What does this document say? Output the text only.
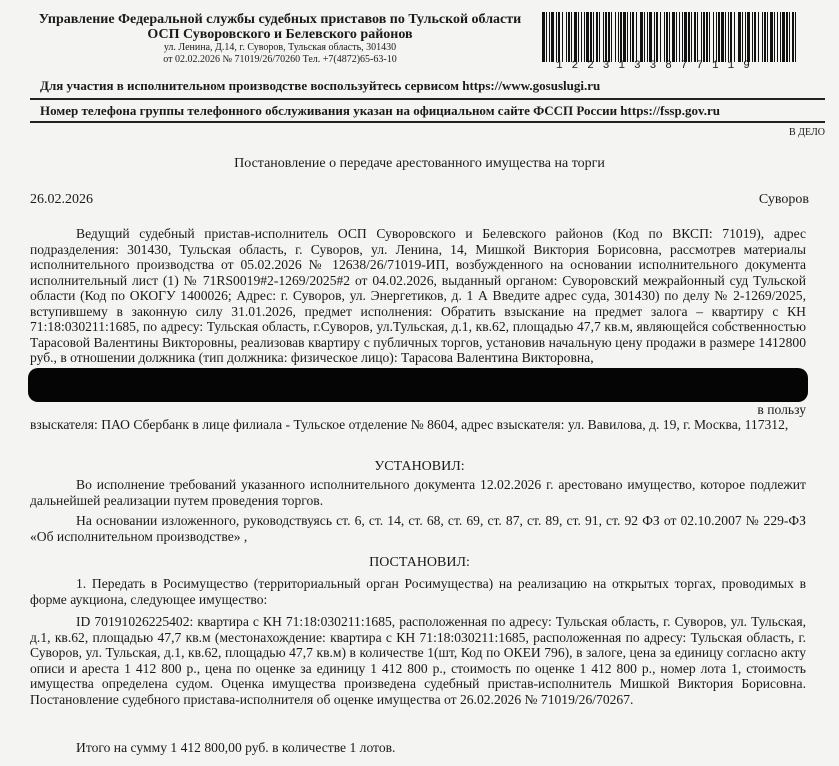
Управление Федеральной службы судебных приставов по Тульской области
ОСП Суворовского и Белевского районов
ул. Ленина, Д.14, г. Суворов, Тульская область, 301430
от 02.02.2026 № 71019/26/70260 Тел. +7(4872)65-63-10
1223133877119
Для участия в исполнительном производстве воспользуйтесь сервисом https://www.gosuslugi.ru
Номер телефона группы телефонного обслуживания указан на официальном сайте ФССП России https://fssp.gov.ru
В ДЕЛО
Постановление о передаче арестованного имущества на торги
26.02.2026	Суворов
Ведущий судебный пристав-исполнитель ОСП Суворовского и Белевского районов (Код по ВКСП: 71019), адрес подразделения: 301430, Тульская область, г. Суворов, ул. Ленина, 14, Мишкой Виктория Борисовна, рассмотрев материалы исполнительного производства от 05.02.2026 № 12638/26/71019-ИП, возбужденного на основании исполнительного документа исполнительный лист (1) № 71RS0019#2-1269/2025#2 от 04.02.2026, выданный органом: Суворовский межрайонный суд Тульской области (Код по ОКОГУ 1400026; Адрес: г. Суворов, ул. Энергетиков, д. 1 А Введите адрес суда, 301430) по делу № 2-1269/2025, вступившему в законную силу 31.01.2026, предмет исполнения: Обратить взыскание на предмет залога – квартиру с КН 71:18:030211:1685, по адресу: Тульская область, г.Суворов, ул.Тульская, д.1, кв.62, площадью 47,7 кв.м, являющейся собственностью Тарасовой Валентины Викторовны, реализовав квартиру с публичных торгов, установив начальную цену продажи в размере 1412800 руб., в отношении должника (тип должника: физическое лицо): Тарасова Валентина Викторовна,
в пользу
взыскателя: ПАО Сбербанк в лице филиала - Тульское отделение № 8604, адрес взыскателя: ул. Вавилова, д. 19, г. Москва, 117312,
УСТАНОВИЛ:
Во исполнение требований указанного исполнительного документа 12.02.2026 г. арестовано имущество, которое подлежит дальнейшей реализации путем проведения торгов.
На основании изложенного, руководствуясь ст. 6, ст. 14, ст. 68, ст. 69, ст. 87, ст. 89, ст. 91, ст. 92 ФЗ от 02.10.2007 № 229-ФЗ «Об исполнительном производстве» ,
ПОСТАНОВИЛ:
1. Передать в Росимущество (территориальный орган Росимущества) на реализацию на открытых торгах, проводимых в форме аукциона, следующее имущество:
ID 70191026225402: квартира с КН 71:18:030211:1685, расположенная по адресу: Тульская область, г. Суворов, ул. Тульская, д.1, кв.62, площадью 47,7 кв.м (местонахождение: квартира с КН 71:18:030211:1685, расположенная по адресу: Тульская область, г. Суворов, ул. Тульская, д.1, кв.62, площадью 47,7 кв.м) в количестве 1(шт, Код по ОКЕИ 796), в залоге, цена за единицу согласно акту описи и ареста 1 412 800 р., цена по оценке за единицу 1 412 800 р., стоимость по оценке 1 412 800 р., номер лота 1, стоимость имущества определена судом. Оценка имущества произведена судебный пристав-исполнитель Мишкой Виктория Борисовна. Постановление судебного пристава-исполнителя об оценке имущества от 26.02.2026 № 71019/26/70267.
Итого на сумму 1 412 800,00 руб. в количестве 1 лотов.
